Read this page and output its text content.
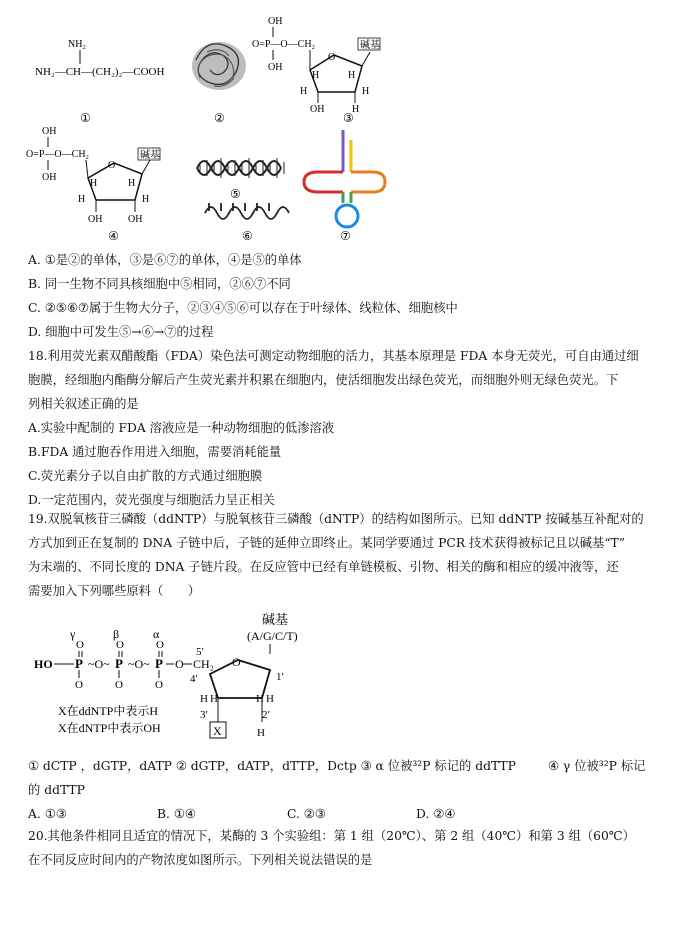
NH₂
NH₂—CH—(CH₂)₂—COOH
OH
O=P—O—CH₂
OH
碱基
O
H	H
H	H
OH	H
OH
O=P—O—CH₂
OH
碱基
O
H	H
H	H
OH	OH
①	②	③
⑤
④	⑥	⑦
A. ①是②的单体，③是⑥⑦的单体，④是⑤的单体
B. 同一生物不同具核细胞中⑤相同，②⑥⑦不同
C. ②⑤⑥⑦属于生物大分子，②③④⑤⑥可以存在于叶绿体、线粒体、细胞核中
D. 细胞中可发生⑤→⑥→⑦的过程
18.利用荧光素双醋酸酯（FDA）染色法可测定动物细胞的活力，其基本原理是 FDA 本身无荧光，可自由通过细
胞膜，经细胞内酯酶分解后产生荧光素并积累在细胞内，使活细胞发出绿色荧光，而细胞外则无绿色荧光。下
列相关叙述正确的是
A.实验中配制的 FDA 溶液应是一种动物细胞的低渗溶液
B.FDA 通过胞吞作用进入细胞，需要消耗能量
C.荧光素分子以自由扩散的方式通过细胞膜
D.一定范围内，荧光强度与细胞活力呈正相关
19.双脱氧核苷三磷酸（ddNTP）与脱氧核苷三磷酸（dNTP）的结构如图所示。已知 ddNTP 按碱基互补配对的
方式加到正在复制的 DNA 子链中后，子链的延伸立即终止。某同学要通过 PCR 技术获得被标记且以碱基“T”
为末端的、不同长度的 DNA 子链片段。在反应管中已经有单链模板、引物、相关的酶和相应的缓冲液等，还
需要加入下列哪些原料（　　）
碱基
(A/G/C/T)
γ	β	α
O	O	O
HO P ~O~ P ~O~ P O CH₂
O	O	O
5′
O
4′	1′
H H	H H
3′	2′
X	H
X在ddNTP中表示H
X在dNTP中表示OH
① dCTP ，dGTP，dATP ② dGTP，dATP，dTTP，Dctp ③ α 位被³²P 标记的 ddTTP	④ γ 位被³²P 标记
的 ddTTP
A. ①③	B. ①④	C. ②③	D. ②④
20.其他条件相同且适宜的情况下，某酶的 3 个实验组：第 1 组（20℃）、第 2 组（40℃）和第 3 组（60℃）
在不同反应时间内的产物浓度如图所示。下列相关说法错误的是
